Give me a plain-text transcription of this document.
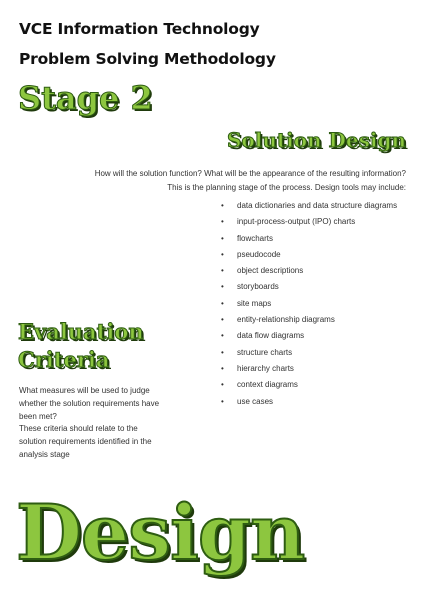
VCE Information Technology
Problem Solving Methodology
Stage 2
Solution Design
How will the solution function? What will be the appearance of the resulting information?
This is the planning stage of the process. Design tools may include:
• data dictionaries and data structure diagrams
• input-process-output (IPO) charts
• flowcharts
• pseudocode
• object descriptions
• storyboards
• site maps
• entity-relationship diagrams
• data flow diagrams
• structure charts
• hierarchy charts
• context diagrams
• use cases
Evaluation
Criteria
What measures will be used to judge
whether the solution requirements have
been met?
These criteria should relate to the
solution requirements identified in the
analysis stage
Design
